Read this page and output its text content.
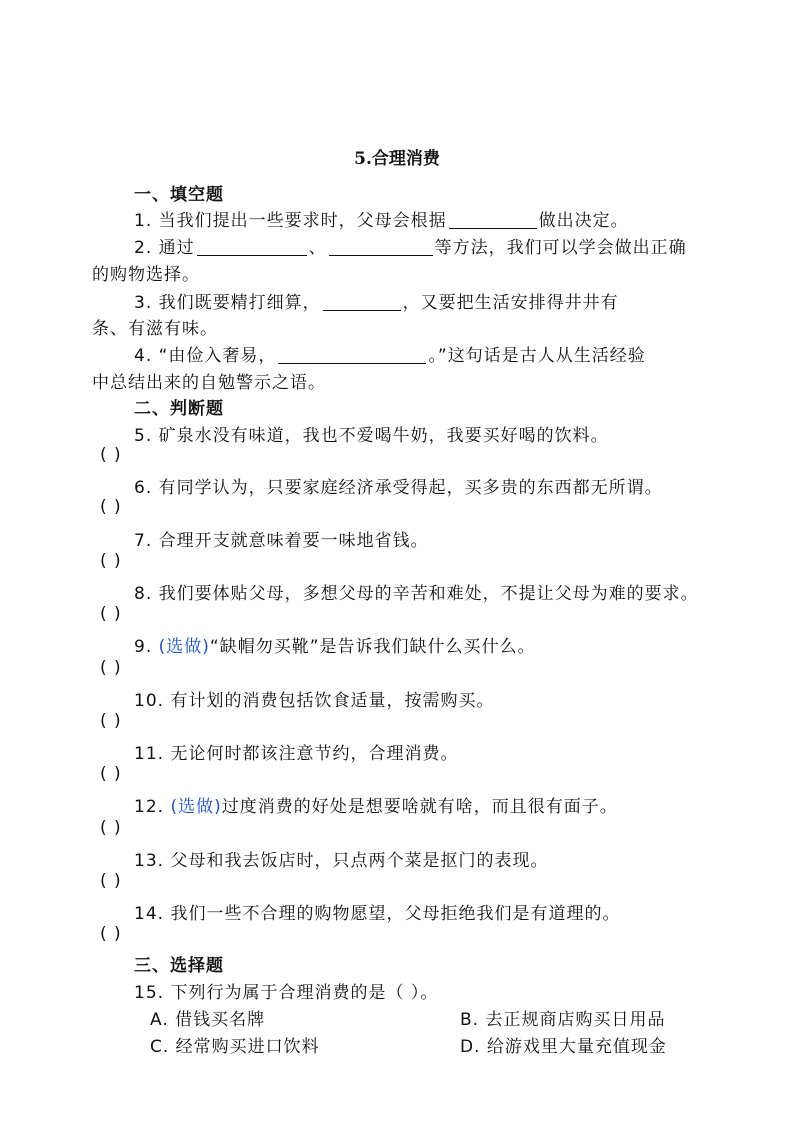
5.合理消费
一、填空题
1. 当我们提出一些要求时，父母会根据	做出决定。
2. 通过	、	等方法，我们可以学会做出正确
的购物选择。
3. 我们既要精打细算，	，又要把生活安排得井井有
条、有滋有味。
4. “由俭入奢易，	。”这句话是古人从生活经验
中总结出来的自勉警示之语。
二、判断题
5. 矿泉水没有味道，我也不爱喝牛奶，我要买好喝的饮料。
( )
6. 有同学认为，只要家庭经济承受得起，买多贵的东西都无所谓。
( )
7. 合理开支就意味着要一味地省钱。
( )
8. 我们要体贴父母，多想父母的辛苦和难处，不提让父母为难的要求。
( )
9. (选做)“缺帽勿买靴”是告诉我们缺什么买什么。
( )
10. 有计划的消费包括饮食适量，按需购买。
( )
11. 无论何时都该注意节约，合理消费。
( )
12. (选做)过度消费的好处是想要啥就有啥，而且很有面子。
( )
13. 父母和我去饭店时，只点两个菜是抠门的表现。
( )
14. 我们一些不合理的购物愿望，父母拒绝我们是有道理的。
( )
三、选择题
15. 下列行为属于合理消费的是（ ）。
A. 借钱买名牌	B. 去正规商店购买日用品
C. 经常购买进口饮料	D. 给游戏里大量充值现金
